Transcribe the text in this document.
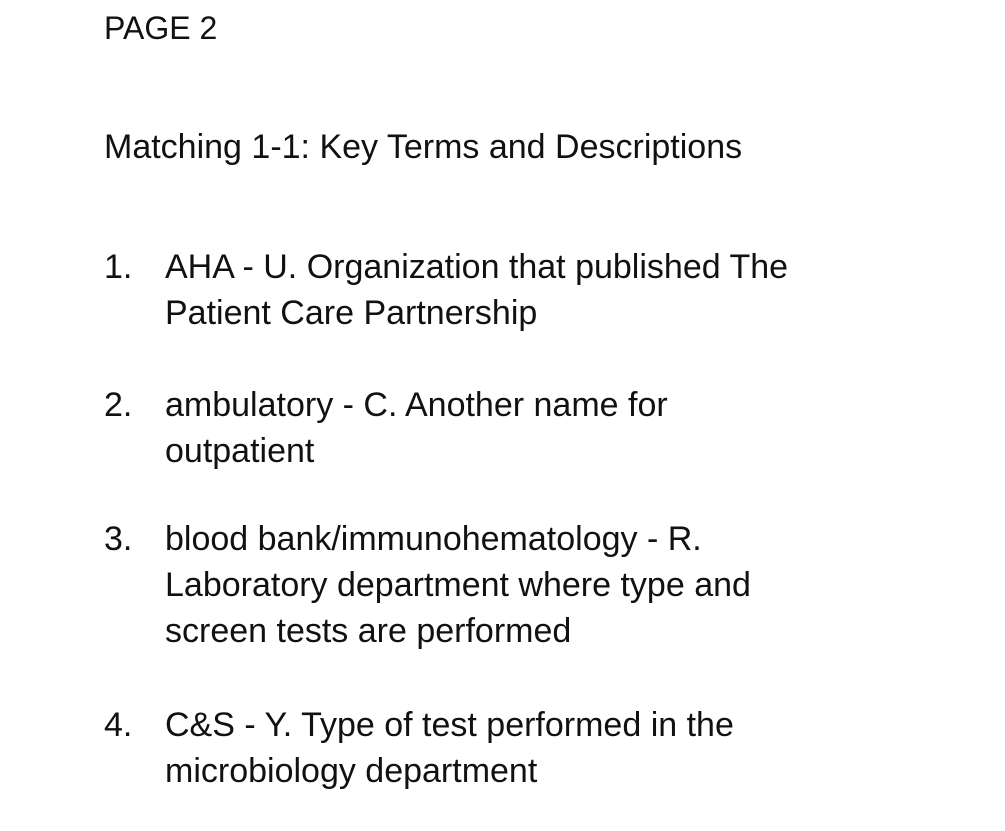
PAGE 2
Matching 1-1: Key Terms and Descriptions
1. AHA - U. Organization that published The
Patient Care Partnership
2. ambulatory - C. Another name for
outpatient
3. blood bank/immunohematology - R.
Laboratory department where type and
screen tests are performed
4. C&S - Y. Type of test performed in the
microbiology department
